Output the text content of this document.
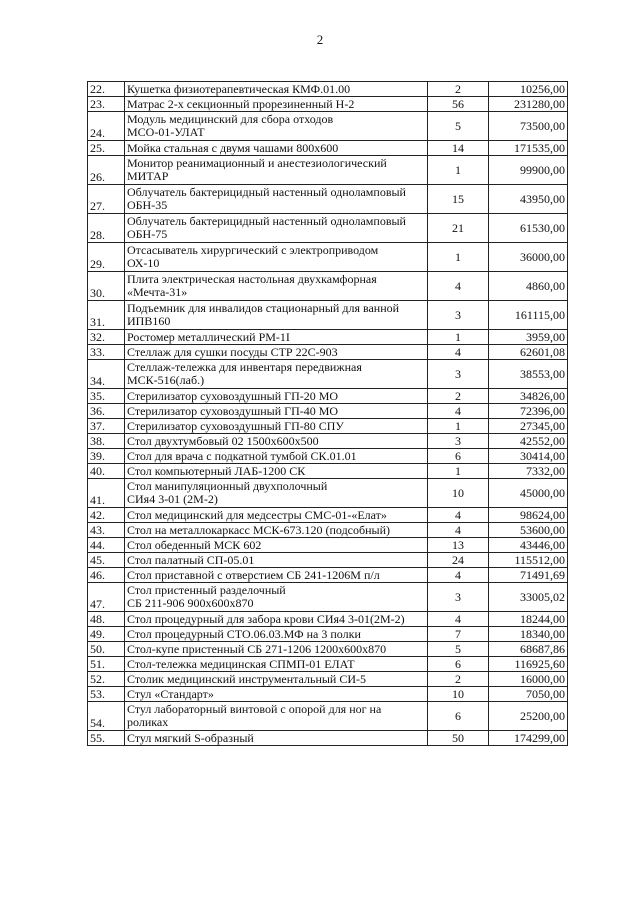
2
22.	Кушетка физиотерапевтическая КМФ.01.00	2	10256,00
23.	Матрас 2-х секционный прорезиненный Н-2	56	231280,00
24.	Модуль медицинский для сбора отходов
МСО-01-УЛАТ	5	73500,00
25.	Мойка стальная с двумя чашами 800х600	14	171535,00
26.	Монитор реанимационный и анестезиологический
МИТАР	1	99900,00
27.	Облучатель бактерицидный настенный одноламповый
ОБН-35	15	43950,00
28.	Облучатель бактерицидный настенный одноламповый
ОБН-75	21	61530,00
29.	Отсасыватель хирургический с электроприводом
ОХ-10	1	36000,00
30.	Плита электрическая настольная двухкамфорная
«Мечта-31»	4	4860,00
31.	Подъемник для инвалидов стационарный для ванной
ИПВ160	3	161115,00
32.	Ростомер металлический РМ-1I	1	3959,00
33.	Стеллаж для сушки посуды СТР 22С-903	4	62601,08
34.	Стеллаж-тележка для инвентаря передвижная
МСК-516(лаб.)	3	38553,00
35.	Стерилизатор суховоздушный ГП-20 МО	2	34826,00
36.	Стерилизатор суховоздушный ГП-40 МО	4	72396,00
37.	Стерилизатор суховоздушный ГП-80 СПУ	1	27345,00
38.	Стол двухтумбовый 02 1500х600х500	3	42552,00
39.	Стол для врача с подкатной тумбой СК.01.01	6	30414,00
40.	Стол компьютерный ЛАБ-1200 СК	1	7332,00
41.	Стол манипуляционный двухполочный
СИя4 3-01 (2М-2)	10	45000,00
42.	Стол медицинский для медсестры СМС-01-«Елат»	4	98624,00
43.	Стол на металлокаркасс МСК-673.120 (подсобный)	4	53600,00
44.	Стол обеденный МСК 602	13	43446,00
45.	Стол палатный СП-05.01	24	115512,00
46.	Стол приставной с отверстием СБ 241-1206М п/л	4	71491,69
47.	Стол пристенный разделочный
СБ 211-906 900х600х870	3	33005,02
48.	Стол процедурный для забора крови СИя4 3-01(2М-2)	4	18244,00
49.	Стол процедурный СТО.06.03.МФ на 3 полки	7	18340,00
50.	Стол-купе пристенный СБ 271-1206 1200х600х870	5	68687,86
51.	Стол-тележка медицинская СПМП-01 ЕЛАТ	6	116925,60
52.	Столик медицинский инструментальный СИ-5	2	16000,00
53.	Стул «Стандарт»	10	7050,00
54.	Стул лабораторный винтовой с опорой для ног на
роликах	6	25200,00
55.	Стул мягкий S-образный	50	174299,00
